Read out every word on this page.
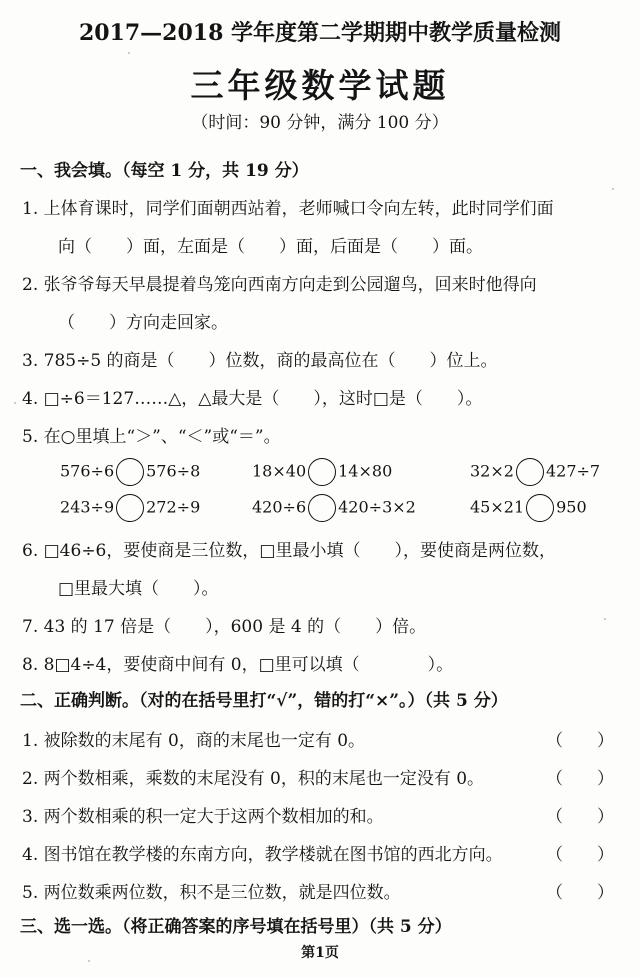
2017—2018 学年度第二学期期中教学质量检测
三年级数学试题
（时间：90 分钟，满分 100 分）
一、我会填。（每空 1 分，共 19 分）
1. 上体育课时，同学们面朝西站着，老师喊口令向左转，此时同学们面
向（　　）面，左面是（　　）面，后面是（　　）面。
2. 张爷爷每天早晨提着鸟笼向西南方向走到公园遛鸟，回来时他得向
（　　）方向走回家。
3. 785÷5 的商是（　　）位数，商的最高位在（　　）位上。
4. □÷6＝127……△，△最大是（　　），这时□是（　　）。
5. 在○里填上“＞”、“＜”或“＝”。
576÷6 576÷8	18×40 14×80	32×2 427÷7
243÷9 272÷9	420÷6 420÷3×2	45×21 950
6. □46÷6，要使商是三位数，□里最小填（　　），要使商是两位数，
□里最大填（　　）。
7. 43 的 17 倍是（　　），600 是 4 的（　　）倍。
8. 8□4÷4，要使商中间有 0，□里可以填（　　　　）。
二、正确判断。（对的在括号里打“√”，错的打“×”。）（共 5 分）
1. 被除数的末尾有 0，商的末尾也一定有 0。	（　　）
2. 两个数相乘，乘数的末尾没有 0，积的末尾也一定没有 0。	（　　）
3. 两个数相乘的积一定大于这两个数相加的和。	（　　）
4. 图书馆在教学楼的东南方向，教学楼就在图书馆的西北方向。	（　　）
5. 两位数乘两位数，积不是三位数，就是四位数。	（　　）
三、选一选。（将正确答案的序号填在括号里）（共 5 分）
第1页
